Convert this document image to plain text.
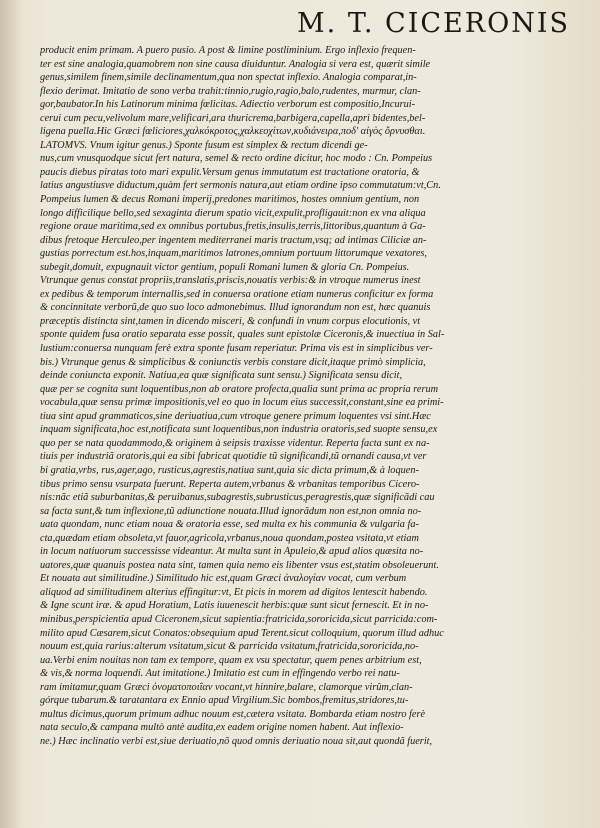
M. T. CICERONIS
producit enim primam. A puero pusio. A post & limine postliminium. Ergo inflexio frequen-
ter est sine analogia,quamobrem non sine causa diuiduntur. Analogia si vera est, quærit simile
genus,similem finem,simile declinamentum,qua non spectat inflexio. Analogia comparat,in-
flexio derimat. Imitatio de sono verba trahit:tinnio,rugio,ragio,balo,rudentes, murmur, clan-
gor,baubator.In his Latinorum minima fœlicitas. Adiectio verborum est compositio,Incurui-
cerui cum pecu,velivolum mare,velificari,ara thuricrema,barbigera,capella,apri bidentes,bel-
ligena puella.Hic Græci fœliciores,χαλκόκροτος,χαλκεοχίτων,κυδιάνειρα,ποδ' αἰγὸς ὄρνυσθαι.
LATOMVS. Vnum igitur genus.) Sponte fusum est simplex & rectum dicendi ge-
nus,cum vnusquodque sicut fert natura, semel & recto ordine dicitur, hoc modo : Cn. Pompeius
paucis diebus piratas toto mari expulit.Versum genus immutatum est tractatione oratoria, &
latius angustiusve diductum,quàm fert sermonis natura,aut etiam ordine ipso commutatum:vt,Cn.
Pompeius lumen & decus Romani imperij,predones maritimos, hostes omnium gentium, non
longo difficilique bello,sed sexaginta dierum spatio vicit,expulit,profligauit:non ex vna aliqua
regione oraue maritima,sed ex omnibus portubus,fretis,insulis,terris,littoribus,quantum à Ga-
dibus fretoque Herculeo,per ingentem mediterranei maris tractum,vsq; ad intimas Ciliciæ an-
gustias porrectum est.hos,inquam,maritimos latrones,omnium portuum littorumque vexatores,
subegit,domuit, expugnauit victor gentium, populi Romani lumen & gloria Cn. Pompeius.
Vtrunque genus constat propriis,translatis,priscis,nouatis verbis:& in vtroque numerus inest
ex pedibus & temporum internallis,sed in conuersa oratione etiam numerus conficitur ex forma
& concinnitate verborũ,de quo suo loco admonebimus. Illud ignorandum non est, hæc quanuis
præceptis distincta sint,tamen in dicendo misceri, & confundi in vnum corpus elocutionis, vt
sponte quidem fusa oratio separata esse possit, quales sunt epistolæ Ciceronis,& inuectiua in Sal-
lustium:conuersa nunquam ferè extra sponte fusam reperiatur. Prima vis est in simplicibus ver-
bis.) Vtrunque genus & simplicibus & coniunctis verbis constare dicit,itaque primò simplicia,
deinde coniuncta exponit. Natiua,ea quæ significata sunt sensu.) Significata sensu dicit,
quæ per se cognita sunt loquentibus,non ab oratore profecta,qualia sunt prima ac propria rerum
vocabula,quæ sensu primæ impositionis,vel eo quo in locum eius successit,constant,sine ea primi-
tiua sint apud grammaticos,sine deriuatiua,cum vtroque genere primum loquentes vsi sint.Hæc
inquam significata,hoc est,notificata sunt loquentibus,non industria oratoris,sed suopte sensu,ex
quo per se nata quodammodo,& originem à seipsis traxisse videntur. Reperta facta sunt ex na-
tiuis per industriã oratoris,qui ea sibi fabricat quotidie tũ significandi,tũ ornandi causa,vt ver
bi gratia,vrbs, rus,ager,ago, rusticus,agrestis,natiua sunt,quia sic dicta primum,& à loquen-
tibus primo sensu vsurpata fuerunt. Reperta autem,vrbanus & vrbanitas temporibus Cicero-
nis:nãc etiã suburbanitas,& peruibanus,subagrestis,subrusticus,peragrestis,quæ significãdi cau
sa facta sunt,& tum inflexione,tũ adiunctione nouata.Illud ignorãdum non est,non omnia no-
uata quondam, nunc etiam noua & oratoria esse, sed multa ex his communia & vulgaria fa-
cta,quædam etiam obsoleta,vt fauor,agricola,vrbanus,noua quondam,postea vsitata,vt etiam
in locum natiuorum successisse videantur. At multa sunt in Apuleio,& apud alios quæsita no-
uatores,quæ quanuis postea nata sint, tamen quia nemo eis libenter vsus est,statim obsoleuerunt.
Et nouata aut similitudine.) Similitudo hic est,quam Græci ἀναλογίαν vocat, cum verbum
aliquod ad similitudinem alterius effingitur:vt, Et picis in morem ad digitos lentescit habendo.
& Igne scunt iræ. & apud Horatium, Latis iuuenescit herbis:quæ sunt sicut fernescit. Et in no-
minibus,perspicientia apud Ciceronem,sicut sapientia:fratricida,sororicida,sicut parricida:com-
milito apud Cæsarem,sicut Conatos:obsequium apud Terent.sicut colloquium, quorum illud adhuc
nouum est,quia rarius:alterum vsitatum,sicut & parricida vsitatum,fratricida,sororicida,no-
ua.Verbi enim nouitas non tam ex tempore, quam ex vsu spectatur, quem penes arbitrium est,
& vis,& norma loquendi. Aut imitatione.) Imitatio est cum in effingendo verbo rei natu-
ram imitamur,quam Græci ὀνοματοποιΐαν vocant,vt hinnire,balare, clamorque virûm,clan-
górque tubarum.& taratantara ex Ennio apud Virgilium.Sic bombos,fremitus,stridores,tu-
multus dicimus,quorum primum adhuc nouum est,cætera vsitata. Bombarda etiam nostro ferè
nata seculo,& campana multò antè audita,ex eadem origine nomen habent. Aut inflexio-
ne.) Hæc inclinatio verbi est,siue deriuatio,nõ quod omnis deriuatio noua sit,aut quondã fuerit,
